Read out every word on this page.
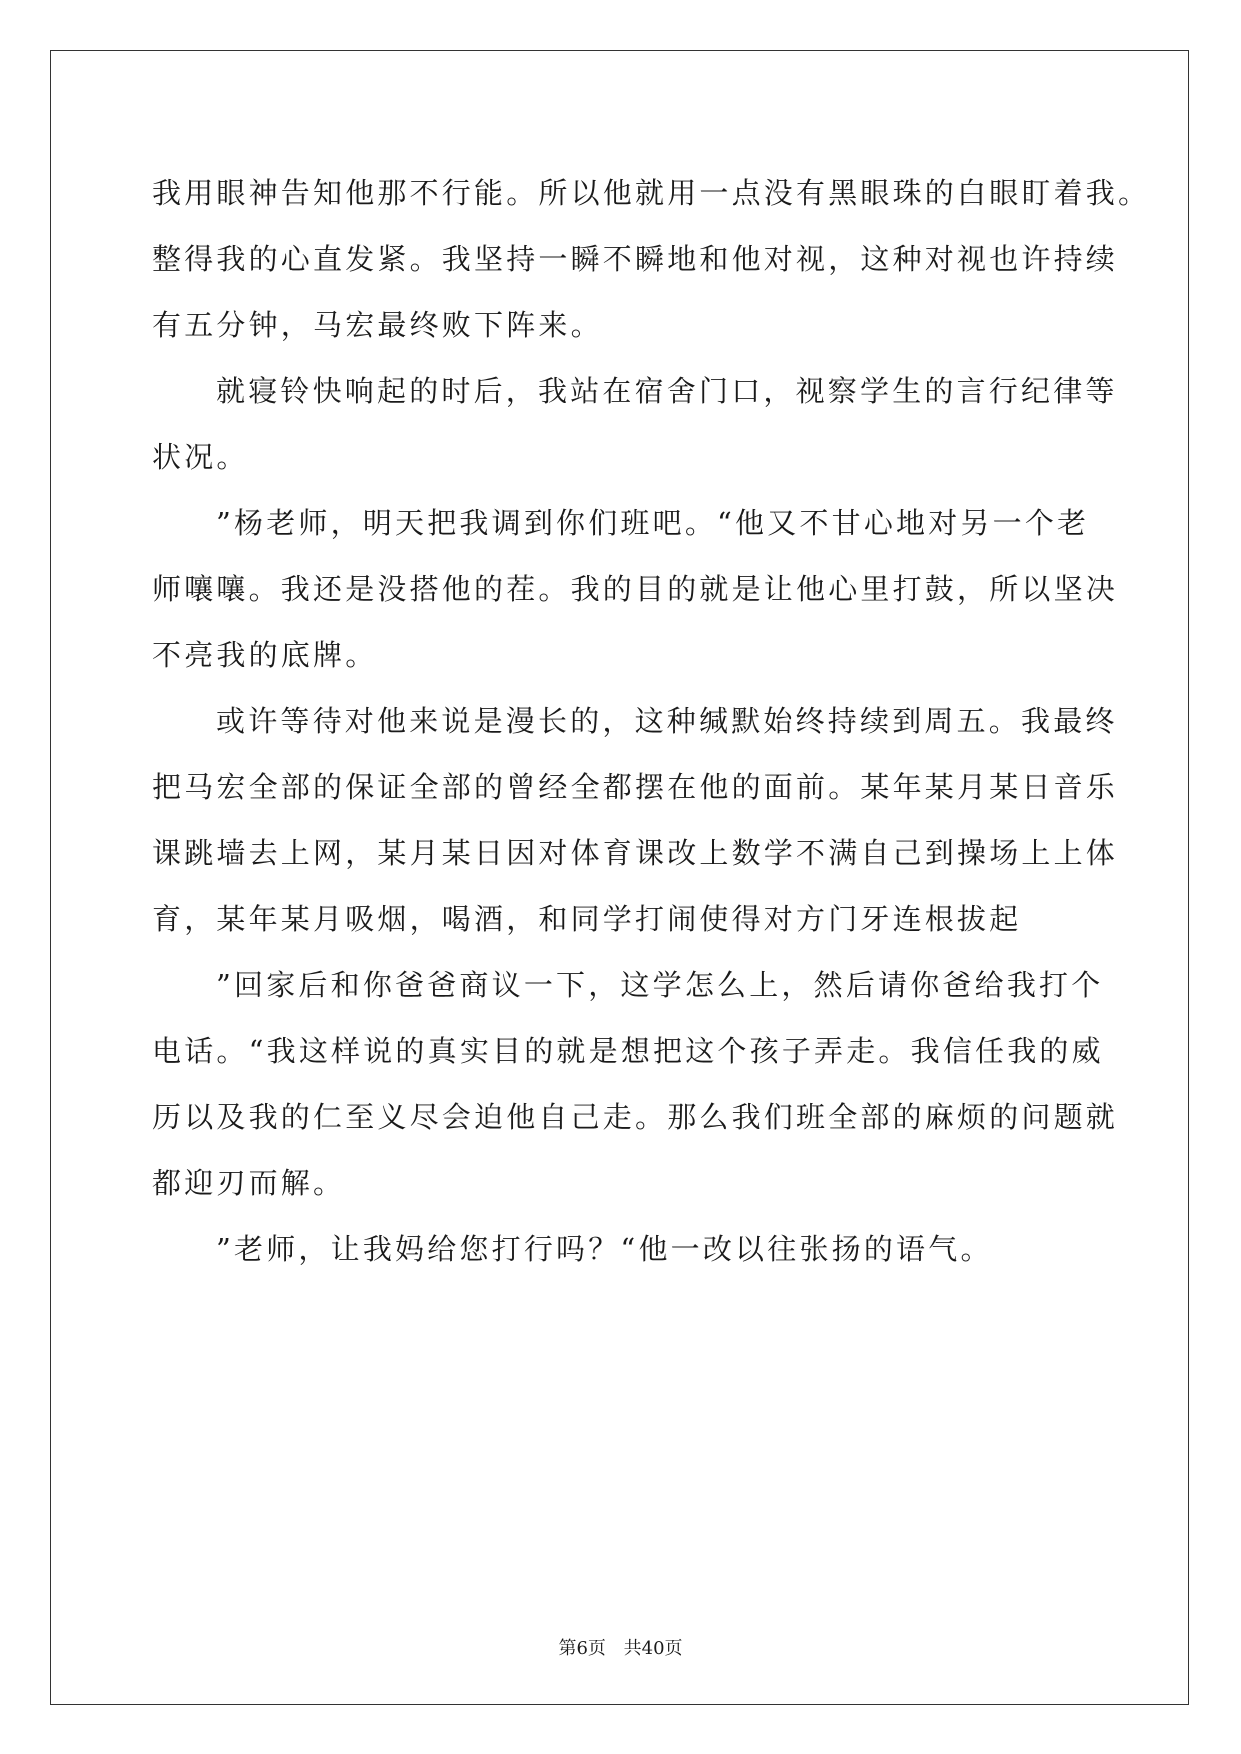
我用眼神告知他那不行能。所以他就用一点没有黑眼珠的白眼盯着我。

整得我的心直发紧。我坚持一瞬不瞬地和他对视，这种对视也许持续

有五分钟，马宏最终败下阵来。

就寝铃快响起的时后，我站在宿舍门口，视察学生的言行纪律等

状况。

”杨老师，明天把我调到你们班吧。“他又不甘心地对另一个老

师嚷嚷。我还是没搭他的茬。我的目的就是让他心里打鼓，所以坚决

不亮我的底牌。

或许等待对他来说是漫长的，这种缄默始终持续到周五。我最终

把马宏全部的保证全部的曾经全都摆在他的面前。某年某月某日音乐

课跳墙去上网，某月某日因对体育课改上数学不满自己到操场上上体

育，某年某月吸烟，喝酒，和同学打闹使得对方门牙连根拔起

”回家后和你爸爸商议一下，这学怎么上，然后请你爸给我打个

电话。“我这样说的真实目的就是想把这个孩子弄走。我信任我的威

历以及我的仁至义尽会迫他自己走。那么我们班全部的麻烦的问题就

都迎刃而解。

”老师，让我妈给您打行吗？“他一改以往张扬的语气。

第6页 共40页
